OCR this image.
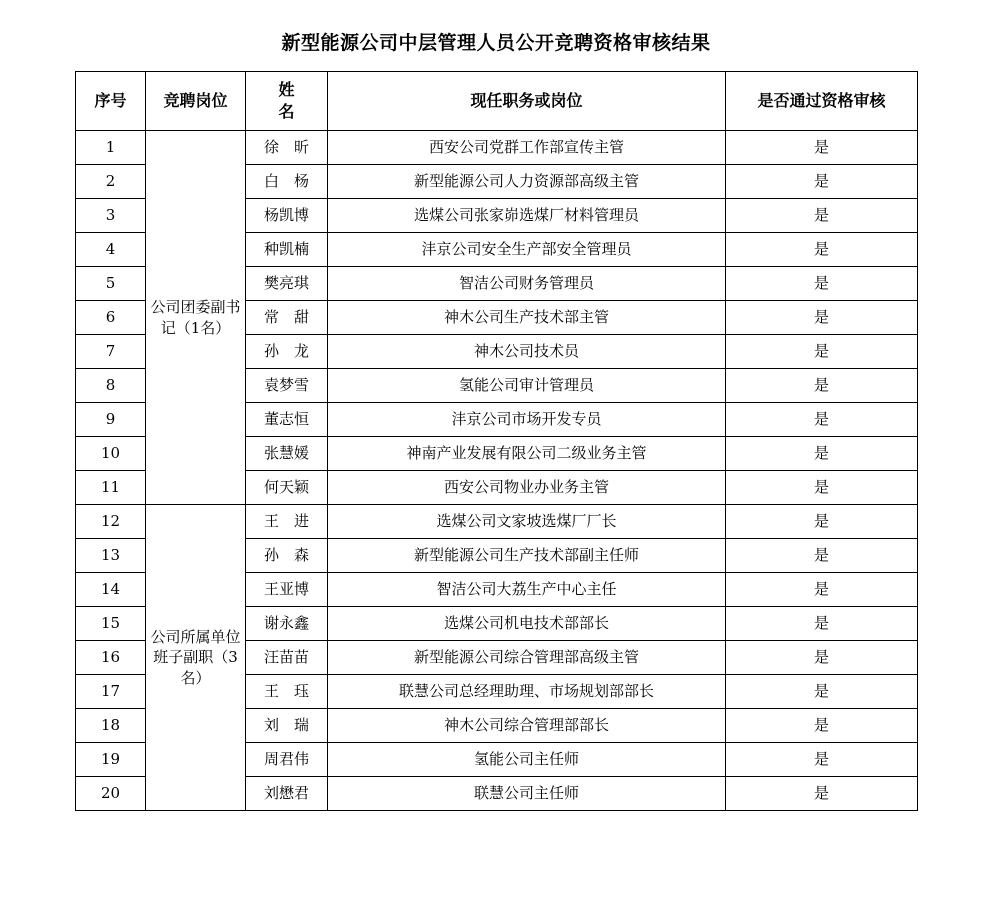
新型能源公司中层管理人员公开竞聘资格审核结果
序号	竞聘岗位	姓　　名	现任职务或岗位	是否通过资格审核

1	公司团委副书记（1名）	徐　昕	西安公司党群工作部宣传主管	是
2		白　杨	新型能源公司人力资源部高级主管	是
3		杨凯博	选煤公司张家峁选煤厂材料管理员	是
4		种凯楠	沣京公司安全生产部安全管理员	是
5		樊亮琪	智洁公司财务管理员	是
6		常　甜	神木公司生产技术部主管	是
7		孙　龙	神木公司技术员	是
8		袁梦雪	氢能公司审计管理员	是
9		董志恒	沣京公司市场开发专员	是
10		张慧媛	神南产业发展有限公司二级业务主管	是
11		何天颖	西安公司物业办业务主管	是
12	公司所属单位班子副职（3名）	王　进	选煤公司文家坡选煤厂厂长	是
13		孙　森	新型能源公司生产技术部副主任师	是
14		王亚博	智洁公司大荔生产中心主任	是
15		谢永鑫	选煤公司机电技术部部长	是
16		汪苗苗	新型能源公司综合管理部高级主管	是
17		王　珏	联慧公司总经理助理、市场规划部部长	是
18		刘　瑞	神木公司综合管理部部长	是
19		周君伟	氢能公司主任师	是
20		刘懋君	联慧公司主任师	是
